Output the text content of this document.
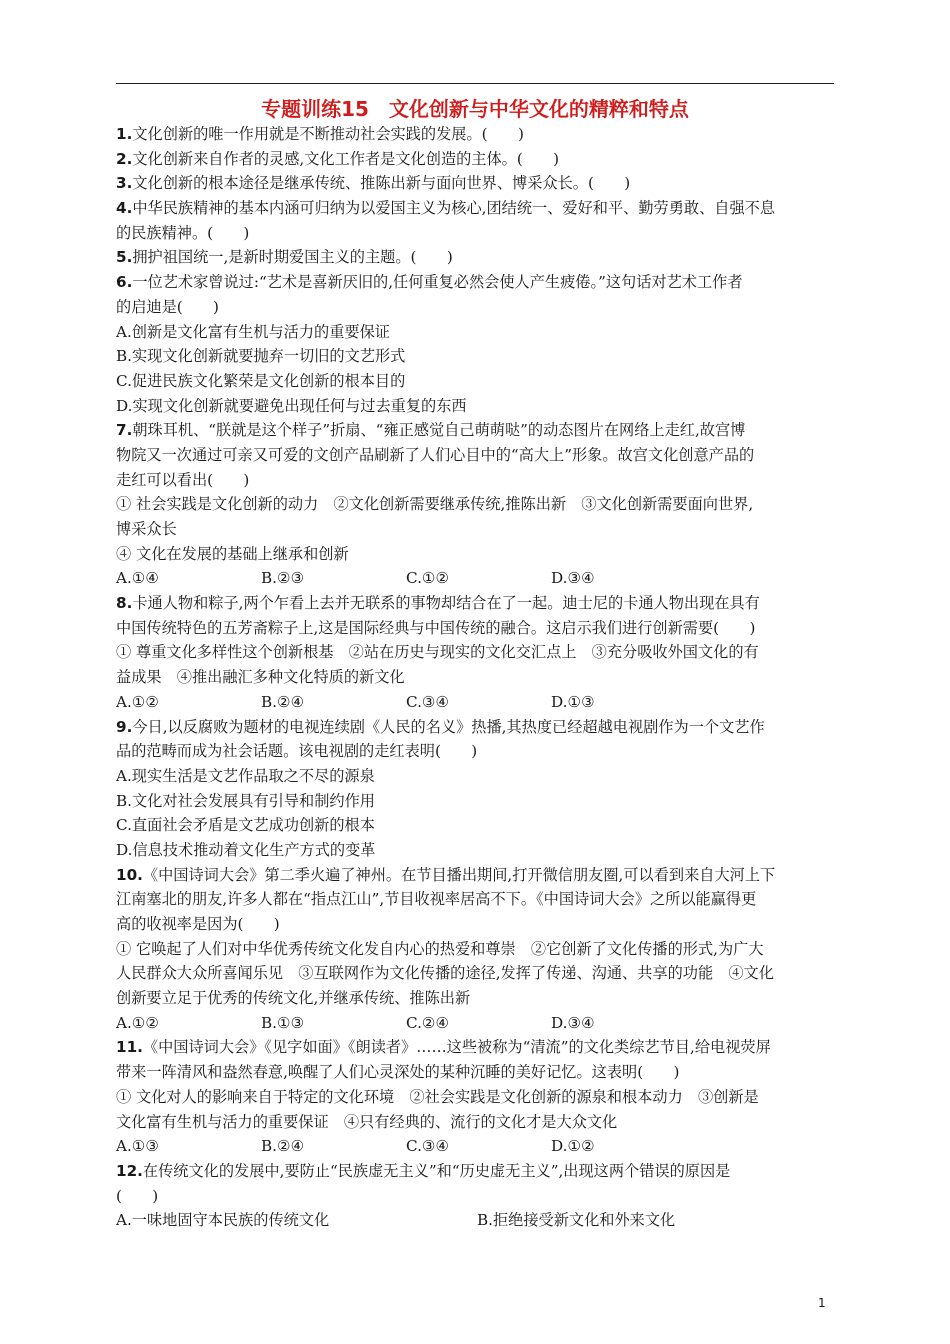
专题训练15　文化创新与中华文化的精粹和特点
1.文化创新的唯一作用就是不断推动社会实践的发展。(　　)
2.文化创新来自作者的灵感,文化工作者是文化创造的主体。(　　)
3.文化创新的根本途径是继承传统、推陈出新与面向世界、博采众长。(　　)
4.中华民族精神的基本内涵可归纳为以爱国主义为核心,团结统一、爱好和平、勤劳勇敢、自强不息
的民族精神。(　　)
5.拥护祖国统一,是新时期爱国主义的主题。(　　)
6.一位艺术家曾说过:“艺术是喜新厌旧的,任何重复必然会使人产生疲倦。”这句话对艺术工作者
的启迪是(　　)
A.创新是文化富有生机与活力的重要保证
B.实现文化创新就要抛弃一切旧的文艺形式
C.促进民族文化繁荣是文化创新的根本目的
D.实现文化创新就要避免出现任何与过去重复的东西
7.朝珠耳机、“朕就是这个样子”折扇、“雍正感觉自己萌萌哒”的动态图片在网络上走红,故宫博
物院又一次通过可亲又可爱的文创产品刷新了人们心目中的“高大上”形象。故宫文化创意产品的
走红可以看出(　　)
① 社会实践是文化创新的动力　②文化创新需要继承传统,推陈出新　③文化创新需要面向世界,
博采众长
④ 文化在发展的基础上继承和创新
A.①④	B.②③	C.①②	D.③④
8.卡通人物和粽子,两个乍看上去并无联系的事物却结合在了一起。迪士尼的卡通人物出现在具有
中国传统特色的五芳斋粽子上,这是国际经典与中国传统的融合。这启示我们进行创新需要(　　)
① 尊重文化多样性这个创新根基　②站在历史与现实的文化交汇点上　③充分吸收外国文化的有
益成果　④推出融汇多种文化特质的新文化
A.①②	B.②④	C.③④	D.①③
9.今日,以反腐败为题材的电视连续剧《人民的名义》热播,其热度已经超越电视剧作为一个文艺作
品的范畴而成为社会话题。该电视剧的走红表明(　　)
A.现实生活是文艺作品取之不尽的源泉
B.文化对社会发展具有引导和制约作用
C.直面社会矛盾是文艺成功创新的根本
D.信息技术推动着文化生产方式的变革
10.《中国诗词大会》第二季火遍了神州。在节目播出期间,打开微信朋友圈,可以看到来自大河上下
江南塞北的朋友,许多人都在“指点江山”,节目收视率居高不下。《中国诗词大会》之所以能赢得更
高的收视率是因为(　　)
① 它唤起了人们对中华优秀传统文化发自内心的热爱和尊崇　②它创新了文化传播的形式,为广大
人民群众大众所喜闻乐见　③互联网作为文化传播的途径,发挥了传递、沟通、共享的功能　④文化
创新要立足于优秀的传统文化,并继承传统、推陈出新
A.①②	B.①③	C.②④	D.③④
11.《中国诗词大会》《见字如面》《朗读者》……这些被称为“清流”的文化类综艺节目,给电视荧屏
带来一阵清风和盎然春意,唤醒了人们心灵深处的某种沉睡的美好记忆。这表明(　　)
① 文化对人的影响来自于特定的文化环境　②社会实践是文化创新的源泉和根本动力　③创新是
文化富有生机与活力的重要保证　④只有经典的、流行的文化才是大众文化
A.①③	B.②④	C.③④	D.①②
12.在传统文化的发展中,要防止“民族虚无主义”和“历史虚无主义”,出现这两个错误的原因是
(　　)
A.一味地固守本民族的传统文化	B.拒绝接受新文化和外来文化
1
